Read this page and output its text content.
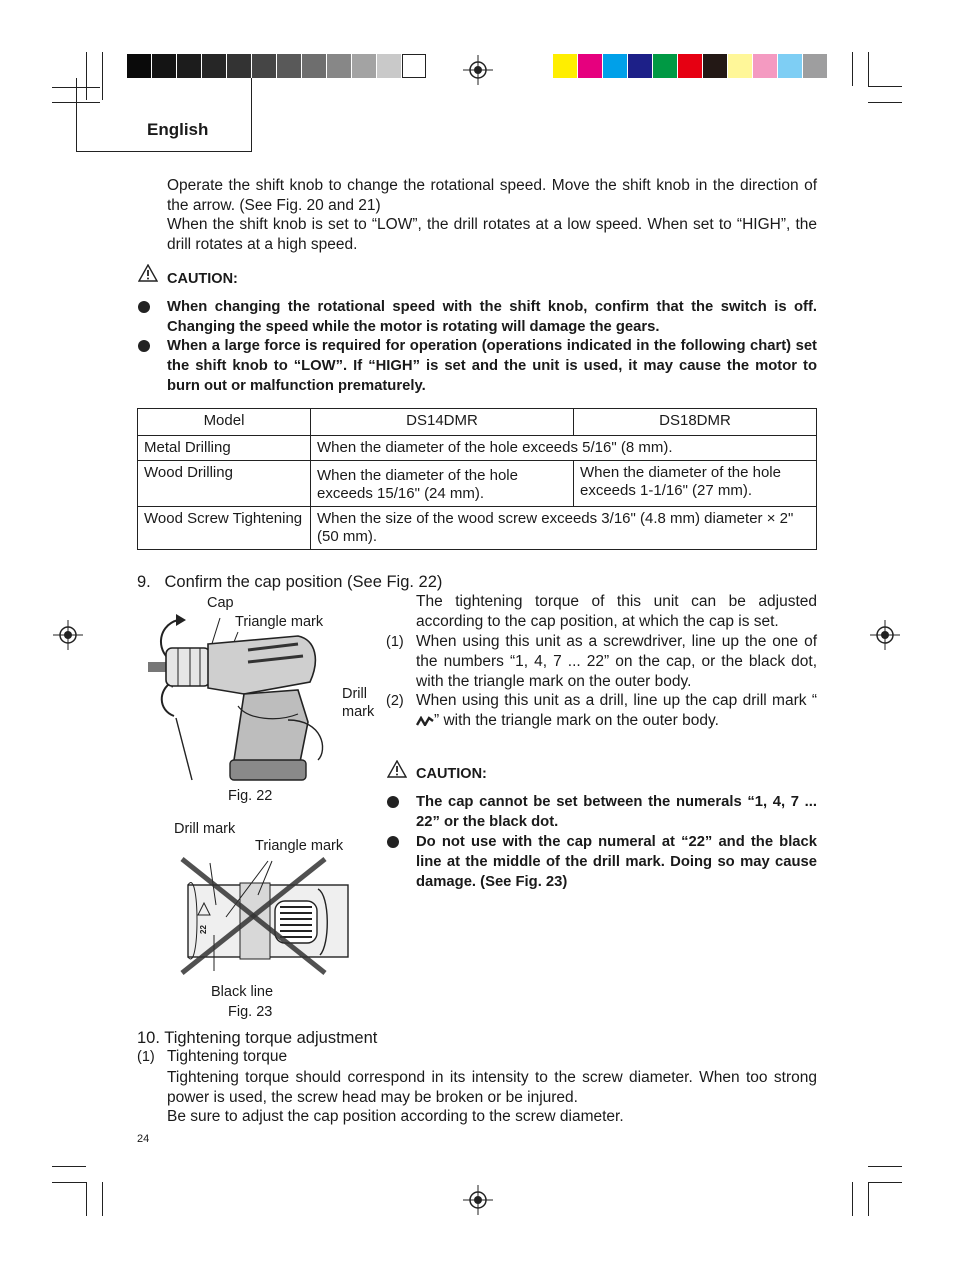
English
Operate the shift knob to change the rotational speed. Move the shift knob in the direction of the arrow. (See Fig. 20 and 21)
When the shift knob is set to “LOW”, the drill rotates at a low speed. When set to “HIGH”, the drill rotates at a high speed.
CAUTION:
When changing the rotational speed with the shift knob, confirm that the switch is off. Changing the speed while the motor is rotating will damage the gears.
When a large force is required for operation (operations indicated in the following chart) set the shift knob to “LOW”. If “HIGH” is set and the unit is used, it may cause the motor to burn out or malfunction prematurely.
Model	DS14DMR	DS18DMR
Metal Drilling	When the diameter of the hole exceeds 5/16" (8 mm).	
Wood Drilling	When the diameter of the hole exceeds 15/16" (24 mm).	When the diameter of the hole exceeds 1-1/16" (27 mm).
Wood Screw Tightening	When the size of the wood screw exceeds 3/16" (4.8 mm) diameter × 2" (50 mm).	
9.   Confirm the cap position (See Fig. 22)
The tightening torque of this unit can be adjusted according to the cap position, at which the cap is set.
(1) When using this unit as a screwdriver, line up the one of the numbers “1, 4, 7 ... 22” on the cap, or the black dot, with the triangle mark on the outer body.
(2) When using this unit as a drill, line up the cap drill mark “” with the triangle mark on the outer body.
Cap
Triangle mark
Drill
mark
Fig. 22
Drill mark
Triangle mark
22
Black line
Fig. 23
CAUTION:
The cap cannot be set between the numerals “1, 4, 7 ... 22” or the black dot.
Do not use with the cap numeral at “22” and the black line at the middle of the drill mark. Doing so may cause damage. (See Fig. 23)
10. Tightening torque adjustment
(1) Tightening torque
Tightening torque should correspond in its intensity to the screw diameter. When too strong power is used, the screw head may be broken or be injured.
Be sure to adjust the cap position according to the screw diameter.
24
